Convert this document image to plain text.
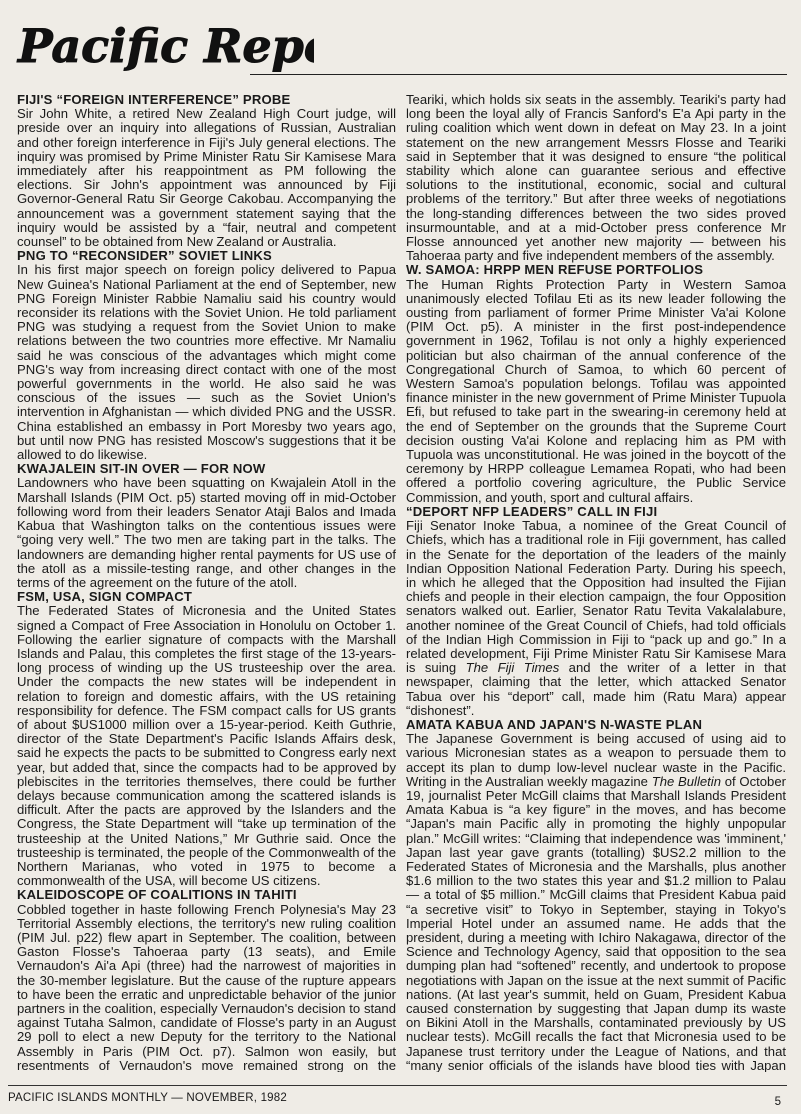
Pacific Rep
FIJI'S “FOREIGN INTERFERENCE” PROBE

Sir John White, a retired New Zealand High Court judge, will preside over an inquiry into allegations of Russian, Australian and other foreign interference in Fiji's July general elections. The inquiry was promised by Prime Minister Ratu Sir Kamisese Mara immediately after his reappointment as PM following the elections. Sir John's appointment was announced by Fiji Governor-General Ratu Sir George Cakobau. Accompanying the announcement was a government statement saying that the inquiry would be assisted by a “fair, neutral and competent counsel” to be obtained from New Zealand or Australia.

PNG TO “RECONSIDER” SOVIET LINKS

In his first major speech on foreign policy delivered to Papua New Guinea's National Parliament at the end of September, new PNG Foreign Minister Rabbie Namaliu said his country would reconsider its relations with the Soviet Union. He told parliament PNG was studying a request from the Soviet Union to make relations between the two countries more effective. Mr Namaliu said he was conscious of the advantages which might come PNG's way from increasing direct contact with one of the most powerful governments in the world. He also said he was conscious of the issues — such as the Soviet Union's intervention in Afghanistan — which divided PNG and the USSR. China established an embassy in Port Moresby two years ago, but until now PNG has resisted Moscow's suggestions that it be allowed to do likewise.

KWAJALEIN SIT-IN OVER — FOR NOW

Landowners who have been squatting on Kwajalein Atoll in the Marshall Islands (PIM Oct. p5) started moving off in mid-October following word from their leaders Senator Ataji Balos and Imada Kabua that Washington talks on the contentious issues were “going very well.” The two men are taking part in the talks. The landowners are demanding higher rental payments for US use of the atoll as a missile-testing range, and other changes in the terms of the agreement on the future of the atoll.

FSM, USA, SIGN COMPACT

The Federated States of Micronesia and the United States signed a Compact of Free Association in Honolulu on October 1. Following the earlier signature of compacts with the Marshall Islands and Palau, this completes the first stage of the 13-years-long process of winding up the US trusteeship over the area. Under the compacts the new states will be independent in relation to foreign and domestic affairs, with the US retaining responsibility for defence. The FSM compact calls for US grants of about $US1000 million over a 15-year-period. Keith Guthrie, director of the State Department's Pacific Islands Affairs desk, said he expects the pacts to be submitted to Congress early next year, but added that, since the compacts had to be approved by plebiscites in the territories themselves, there could be further delays because communication among the scattered islands is difficult. After the pacts are approved by the Islanders and the Congress, the State Department will “take up termination of the trusteeship at the United Nations,” Mr Guthrie said. Once the trusteeship is terminated, the people of the Commonwealth of the Northern Marianas, who voted in 1975 to become a commonwealth of the USA, will become US citizens.

KALEIDOSCOPE OF COALITIONS IN TAHITI

Cobbled together in haste following French Polynesia's May 23 Territorial Assembly elections, the territory's new ruling coalition (PIM Jul. p22) flew apart in September. The coalition, between Gaston Flosse's Tahoeraa party (13 seats), and Emile Vernaudon's Ai'a Api (three) had the narrowest of majorities in the 30-member legislature. But the cause of the rupture appears to have been the erratic and unpredictable behavior of the junior partners in the coalition, especially Vernaudon's decision to stand against Tutaha Salmon, candidate of Flosse's party in an August 29 poll to elect a new Deputy for the territory to the National Assembly in Paris (PIM Oct. p7). Salmon won easily, but resentments of Vernaudon's move remained strong on the

Teariki, which holds six seats in the assembly. Teariki's party had long been the loyal ally of Francis Sanford's E'a Api party in the ruling coalition which went down in defeat on May 23. In a joint statement on the new arrangement Messrs Flosse and Teariki said in September that it was designed to ensure “the political stability which alone can guarantee serious and effective solutions to the institutional, economic, social and cultural problems of the territory.” But after three weeks of negotiations the long-standing differences between the two sides proved insurmountable, and at a mid-October press conference Mr Flosse announced yet another new majority — between his Tahoeraa party and five independent members of the assembly.

W. SAMOA: HRPP MEN REFUSE PORTFOLIOS

The Human Rights Protection Party in Western Samoa unanimously elected Tofilau Eti as its new leader following the ousting from parliament of former Prime Minister Va'ai Kolone (PIM Oct. p5). A minister in the first post-independence government in 1962, Tofilau is not only a highly experienced politician but also chairman of the annual conference of the Congregational Church of Samoa, to which 60 percent of Western Samoa's population belongs. Tofilau was appointed finance minister in the new government of Prime Minister Tupuola Efi, but refused to take part in the swearing-in ceremony held at the end of September on the grounds that the Supreme Court decision ousting Va'ai Kolone and replacing him as PM with Tupuola was unconstitutional. He was joined in the boycott of the ceremony by HRPP colleague Lemamea Ropati, who had been offered a portfolio covering agriculture, the Public Service Commission, and youth, sport and cultural affairs.

“DEPORT NFP LEADERS” CALL IN FIJI

Fiji Senator Inoke Tabua, a nominee of the Great Council of Chiefs, which has a traditional role in Fiji government, has called in the Senate for the deportation of the leaders of the mainly Indian Opposition National Federation Party. During his speech, in which he alleged that the Opposition had insulted the Fijian chiefs and people in their election campaign, the four Opposition senators walked out. Earlier, Senator Ratu Tevita Vakalalabure, another nominee of the Great Council of Chiefs, had told officials of the Indian High Commission in Fiji to “pack up and go.” In a related development, Fiji Prime Minister Ratu Sir Kamisese Mara is suing The Fiji Times and the writer of a letter in that newspaper, claiming that the letter, which attacked Senator Tabua over his “deport” call, made him (Ratu Mara) appear “dishonest”.

AMATA KABUA AND JAPAN'S N-WASTE PLAN

The Japanese Government is being accused of using aid to various Micronesian states as a weapon to persuade them to accept its plan to dump low-level nuclear waste in the Pacific. Writing in the Australian weekly magazine The Bulletin of October 19, journalist Peter McGill claims that Marshall Islands President Amata Kabua is “a key figure” in the moves, and has become “Japan's main Pacific ally in promoting the highly unpopular plan.” McGill writes: “Claiming that independence was 'imminent,' Japan last year gave grants (totalling) $US2.2 million to the Federated States of Micronesia and the Marshalls, plus another $1.6 million to the two states this year and $1.2 million to Palau — a total of $5 million.” McGill claims that President Kabua paid “a secretive visit” to Tokyo in September, staying in Tokyo's Imperial Hotel under an assumed name. He adds that the president, during a meeting with Ichiro Nakagawa, director of the Science and Technology Agency, said that opposition to the sea dumping plan had “softened” recently, and undertook to propose negotiations with Japan on the issue at the next summit of Pacific nations. (At last year's summit, held on Guam, President Kabua caused consternation by suggesting that Japan dump its waste on Bikini Atoll in the Marshalls, contaminated previously by US nuclear tests). McGill recalls the fact that Micronesia used to be Japanese trust territory under the League of Nations, and that “many senior officials of the islands have blood ties with Japan

PACIFIC ISLANDS MONTHLY — NOVEMBER, 1982	5
